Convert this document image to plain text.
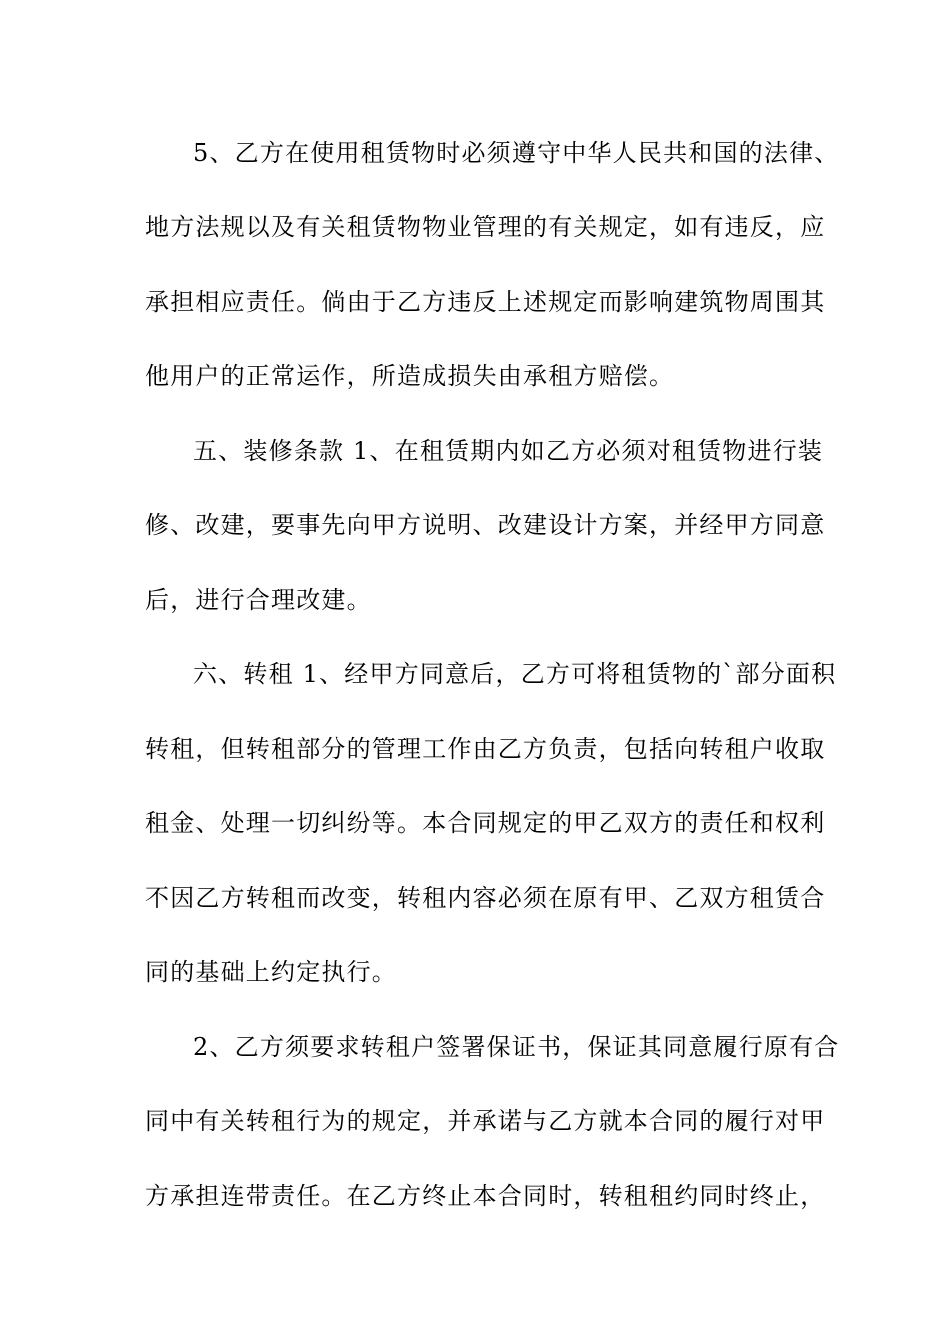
5、乙方在使用租赁物时必须遵守中华人民共和国的法律、
地方法规以及有关租赁物物业管理的有关规定，如有违反，应
承担相应责任。倘由于乙方违反上述规定而影响建筑物周围其
他用户的正常运作，所造成损失由承租方赔偿。
五、装修条款 1、在租赁期内如乙方必须对租赁物进行装
修、改建，要事先向甲方说明、改建设计方案，并经甲方同意
后，进行合理改建。
六、转租 1、经甲方同意后，乙方可将租赁物的`部分面积
转租，但转租部分的管理工作由乙方负责，包括向转租户收取
租金、处理一切纠纷等。本合同规定的甲乙双方的责任和权利
不因乙方转租而改变，转租内容必须在原有甲、乙双方租赁合
同的基础上约定执行。
2、乙方须要求转租户签署保证书，保证其同意履行原有合
同中有关转租行为的规定，并承诺与乙方就本合同的履行对甲
方承担连带责任。在乙方终止本合同时，转租租约同时终止，
